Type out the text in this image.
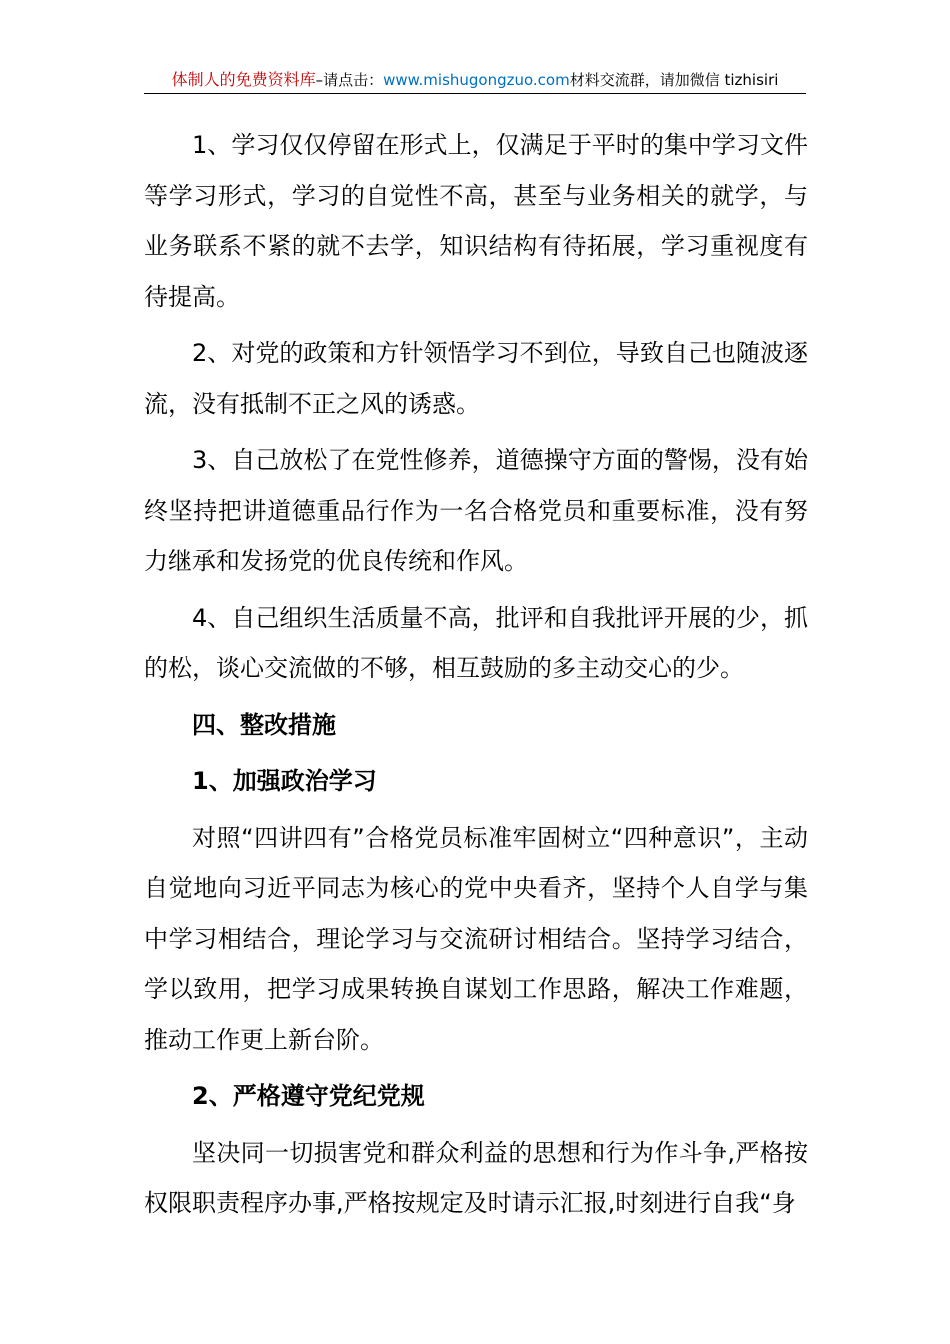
体制人的免费资料库–请点击：www.mishugongzuo.com材料交流群，请加微信 tizhisiri

1、学习仅仅停留在形式上，仅满足于平时的集中学习文件等学习形式，学习的自觉性不高，甚至与业务相关的就学，与业务联系不紧的就不去学，知识结构有待拓展，学习重视度有待提高。

2、对党的政策和方针领悟学习不到位，导致自己也随波逐流，没有抵制不正之风的诱惑。

3、自己放松了在党性修养，道德操守方面的警惕，没有始终坚持把讲道德重品行作为一名合格党员和重要标准，没有努力继承和发扬党的优良传统和作风。

4、自己组织生活质量不高，批评和自我批评开展的少，抓的松，谈心交流做的不够，相互鼓励的多主动交心的少。

四、整改措施

1、加强政治学习

对照“四讲四有”合格党员标准牢固树立“四种意识”，主动自觉地向习近平同志为核心的党中央看齐，坚持个人自学与集中学习相结合，理论学习与交流研讨相结合。坚持学习结合，学以致用，把学习成果转换自谋划工作思路，解决工作难题，推动工作更上新台阶。

2、严格遵守党纪党规

坚决同一切损害党和群众利益的思想和行为作斗争,严格按权限职责程序办事,严格按规定及时请示汇报,时刻进行自我“身
